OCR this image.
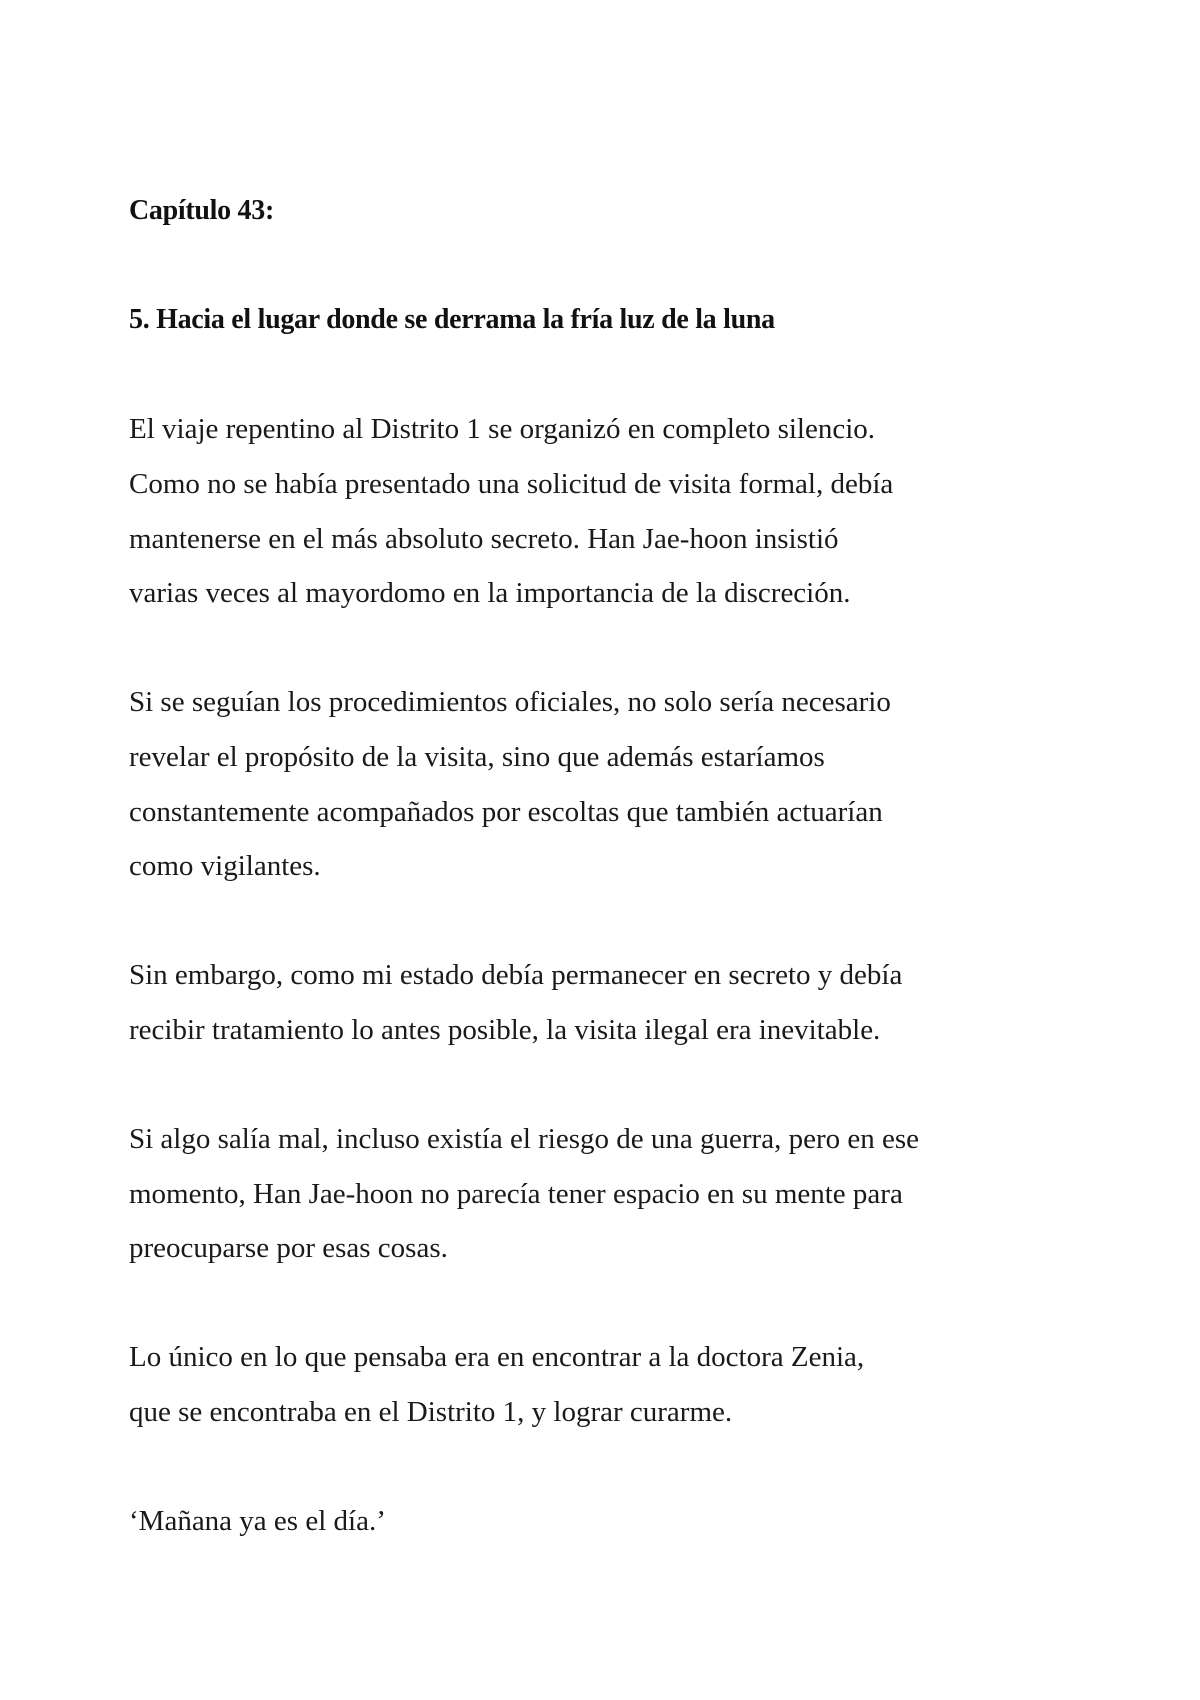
Capítulo 43:
5. Hacia el lugar donde se derrama la fría luz de la luna
El viaje repentino al Distrito 1 se organizó en completo silencio.
Como no se había presentado una solicitud de visita formal, debía
mantenerse en el más absoluto secreto. Han Jae-hoon insistió
varias veces al mayordomo en la importancia de la discreción.
Si se seguían los procedimientos oficiales, no solo sería necesario
revelar el propósito de la visita, sino que además estaríamos
constantemente acompañados por escoltas que también actuarían
como vigilantes.
Sin embargo, como mi estado debía permanecer en secreto y debía
recibir tratamiento lo antes posible, la visita ilegal era inevitable.
Si algo salía mal, incluso existía el riesgo de una guerra, pero en ese
momento, Han Jae-hoon no parecía tener espacio en su mente para
preocuparse por esas cosas.
Lo único en lo que pensaba era en encontrar a la doctora Zenia,
que se encontraba en el Distrito 1, y lograr curarme.
‘Mañana ya es el día.’
